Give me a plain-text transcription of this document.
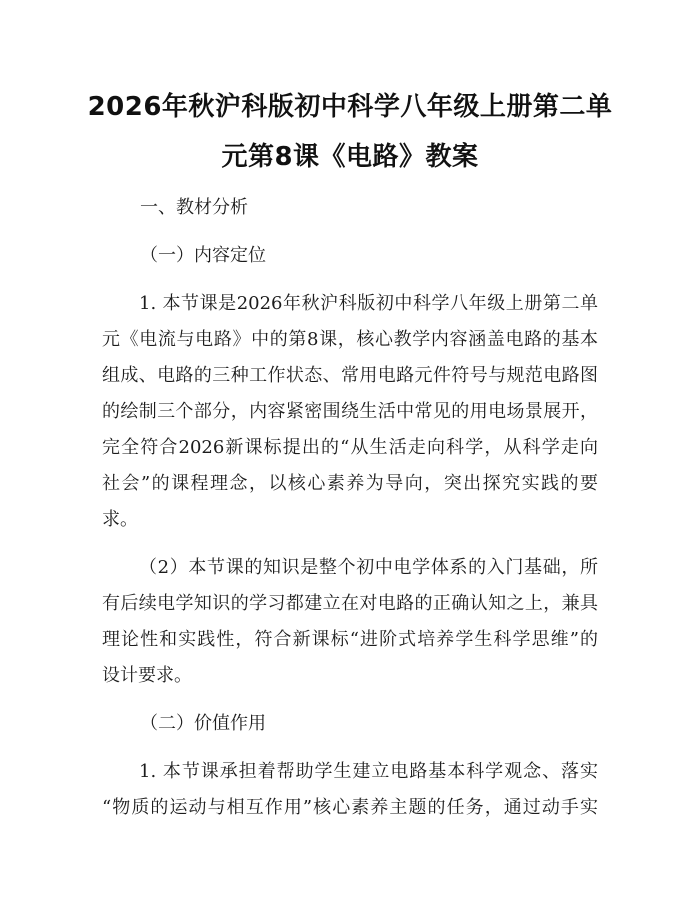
2026年秋沪科版初中科学八年级上册第二单
元第8课《电路》教案
一、教材分析
（一）内容定位
1. 本节课是2026年秋沪科版初中科学八年级上册第二单
元《电流与电路》中的第8课，核心教学内容涵盖电路的基本
组成、电路的三种工作状态、常用电路元件符号与规范电路图
的绘制三个部分，内容紧密围绕生活中常见的用电场景展开，
完全符合2026新课标提出的“从生活走向科学，从科学走向
社会”的课程理念，以核心素养为导向，突出探究实践的要
求。
（2）本节课的知识是整个初中电学体系的入门基础，所
有后续电学知识的学习都建立在对电路的正确认知之上，兼具
理论性和实践性，符合新课标“进阶式培养学生科学思维”的
设计要求。
（二）价值作用
1. 本节课承担着帮助学生建立电路基本科学观念、落实
“物质的运动与相互作用”核心素养主题的任务，通过动手实
